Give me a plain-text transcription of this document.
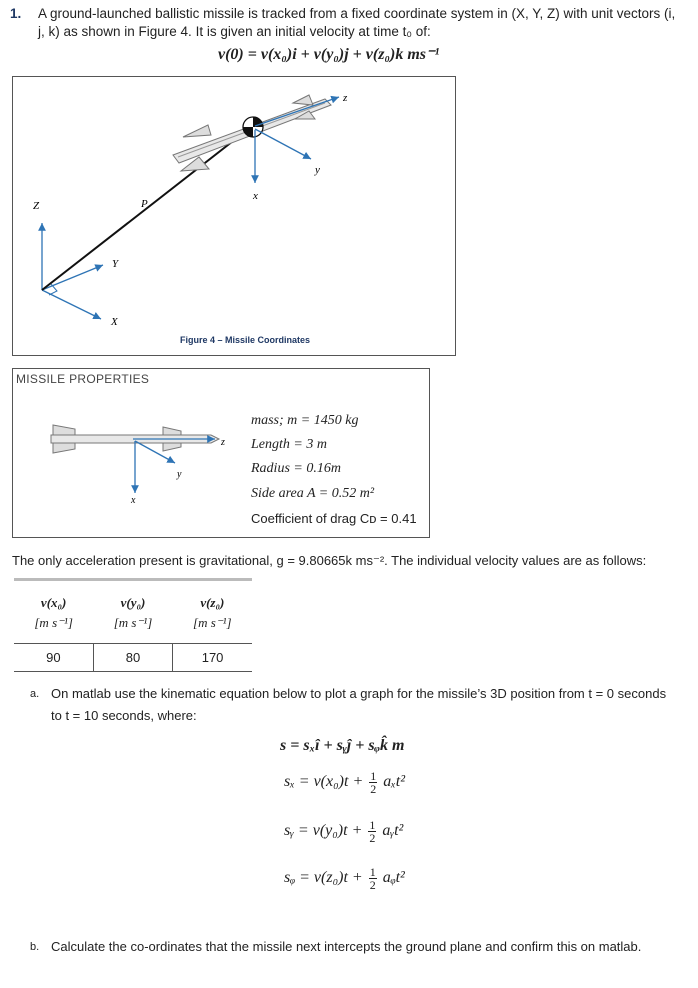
1. A ground-launched ballistic missile is tracked from a fixed coordinate system in (X, Y, Z) with unit vectors (i,
j, k) as shown in Figure 4. It is given an initial velocity at time t₀ of:
v(0) = v(x₀)i + v(y₀)j + v(z₀)k ms⁻¹
Z
Y
X
P
z
y
x
Figure 4 – Missile Coordinates
MISSILE PROPERTIES
z
y
x
mass; m = 1450 kg
Length = 3 m
Radius = 0.16m
Side area A = 0.52 m²
Coefficient of drag Cᴅ = 0.41
The only acceleration present is gravitational, g = 9.80665k ms⁻². The individual velocity values are as follows:
v(x₀)	v(y₀)	v(z₀)
[m s⁻¹]	[m s⁻¹]	[m s⁻¹]
90	80	170
a. On matlab use the kinematic equation below to plot a graph for the missile’s 3D position from t = 0 seconds
to t = 10 seconds, where:
s = sₓî + sᵧĵ + sᵩk̂ m
$s_x = v(x_0)t + \frac{1}{2} a_xt^2$
sᵧ = $v(y_0)t + \frac{1}{2}$ aᵧt²
sᵩ = $v(z_0)t + \frac{1}{2}$ aᵩt²
b. Calculate the co-ordinates that the missile next intercepts the ground plane and confirm this on matlab.
